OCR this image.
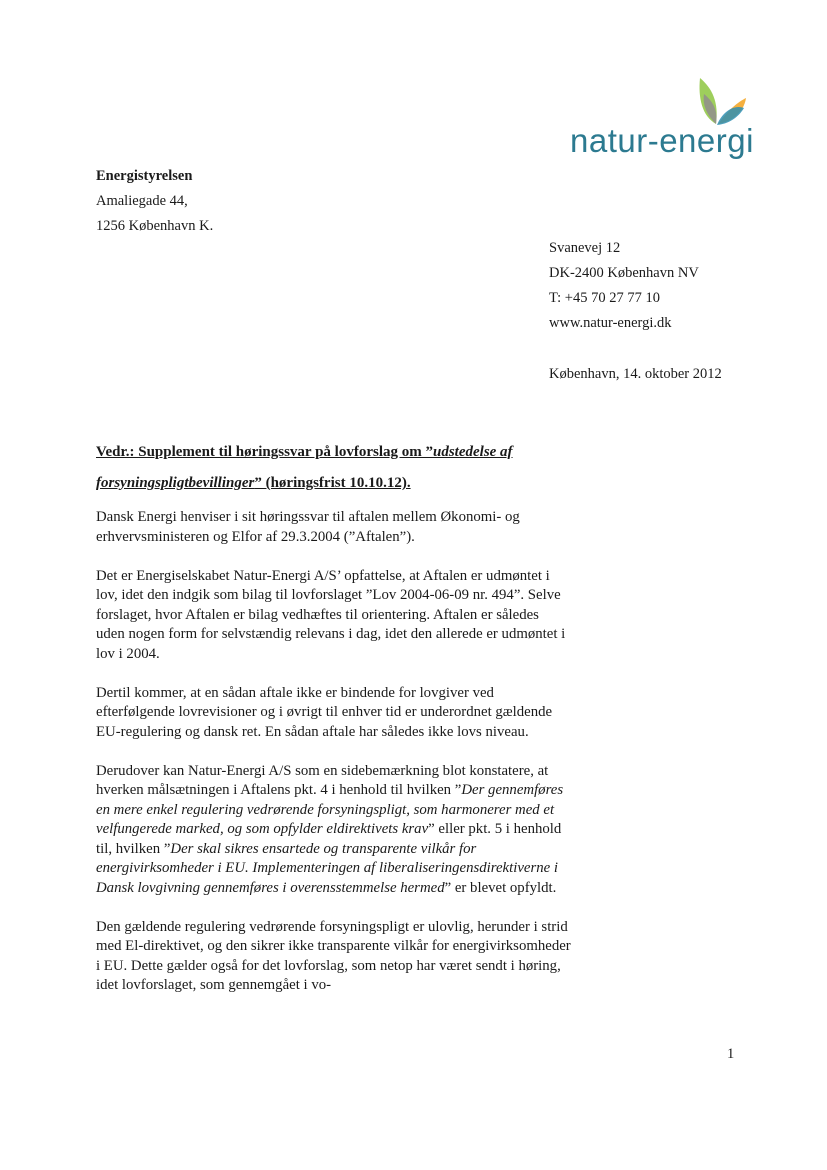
natur-energi
Energistyrelsen
Amaliegade 44,
1256 København K.
Svanevej 12
DK-2400 København NV
T: +45 70 27 77 10
www.natur-energi.dk
København, 14. oktober 2012
Vedr.: Supplement til høringssvar på lovforslag om ”udstedelse af forsyningspligtbevillinger” (høringsfrist 10.10.12).

Dansk Energi henviser i sit høringssvar til aftalen mellem Økonomi- og erhvervsministeren og Elfor af 29.3.2004 (”Aftalen”).

Det er Energiselskabet Natur-Energi A/S’ opfattelse, at Aftalen er udmøntet i lov, idet den indgik som bilag til lovforslaget ”Lov 2004-06-09 nr. 494”. Selve forslaget, hvor Aftalen er bilag vedhæftes til orientering. Aftalen er således uden nogen form for selvstændig relevans i dag, idet den allerede er udmøntet i lov i 2004.

Dertil kommer, at en sådan aftale ikke er bindende for lovgiver ved efterfølgende lovrevisioner og i øvrigt til enhver tid er underordnet gældende EU-regulering og dansk ret. En sådan aftale har således ikke lovs niveau.

Derudover kan Natur-Energi A/S som en sidebemærkning blot konstatere, at hverken målsætningen i Aftalens pkt. 4 i henhold til hvilken ”Der gennemføres en mere enkel regulering vedrørende forsyningspligt, som harmonerer med et velfungerede marked, og som opfylder eldirektivets krav” eller pkt. 5 i henhold til, hvilken ”Der skal sikres ensartede og transparente vilkår for energivirksomheder i EU. Implementeringen af liberaliseringensdirektiverne i Dansk lovgivning gennemføres i overensstemmelse hermed” er blevet opfyldt.

Den gældende regulering vedrørende forsyningspligt er ulovlig, herunder i strid med El-direktivet, og den sikrer ikke transparente vilkår for energivirksomheder i EU. Dette gælder også for det lovforslag, som netop har været sendt i høring, idet lovforslaget, som gennemgået i vo-

1
